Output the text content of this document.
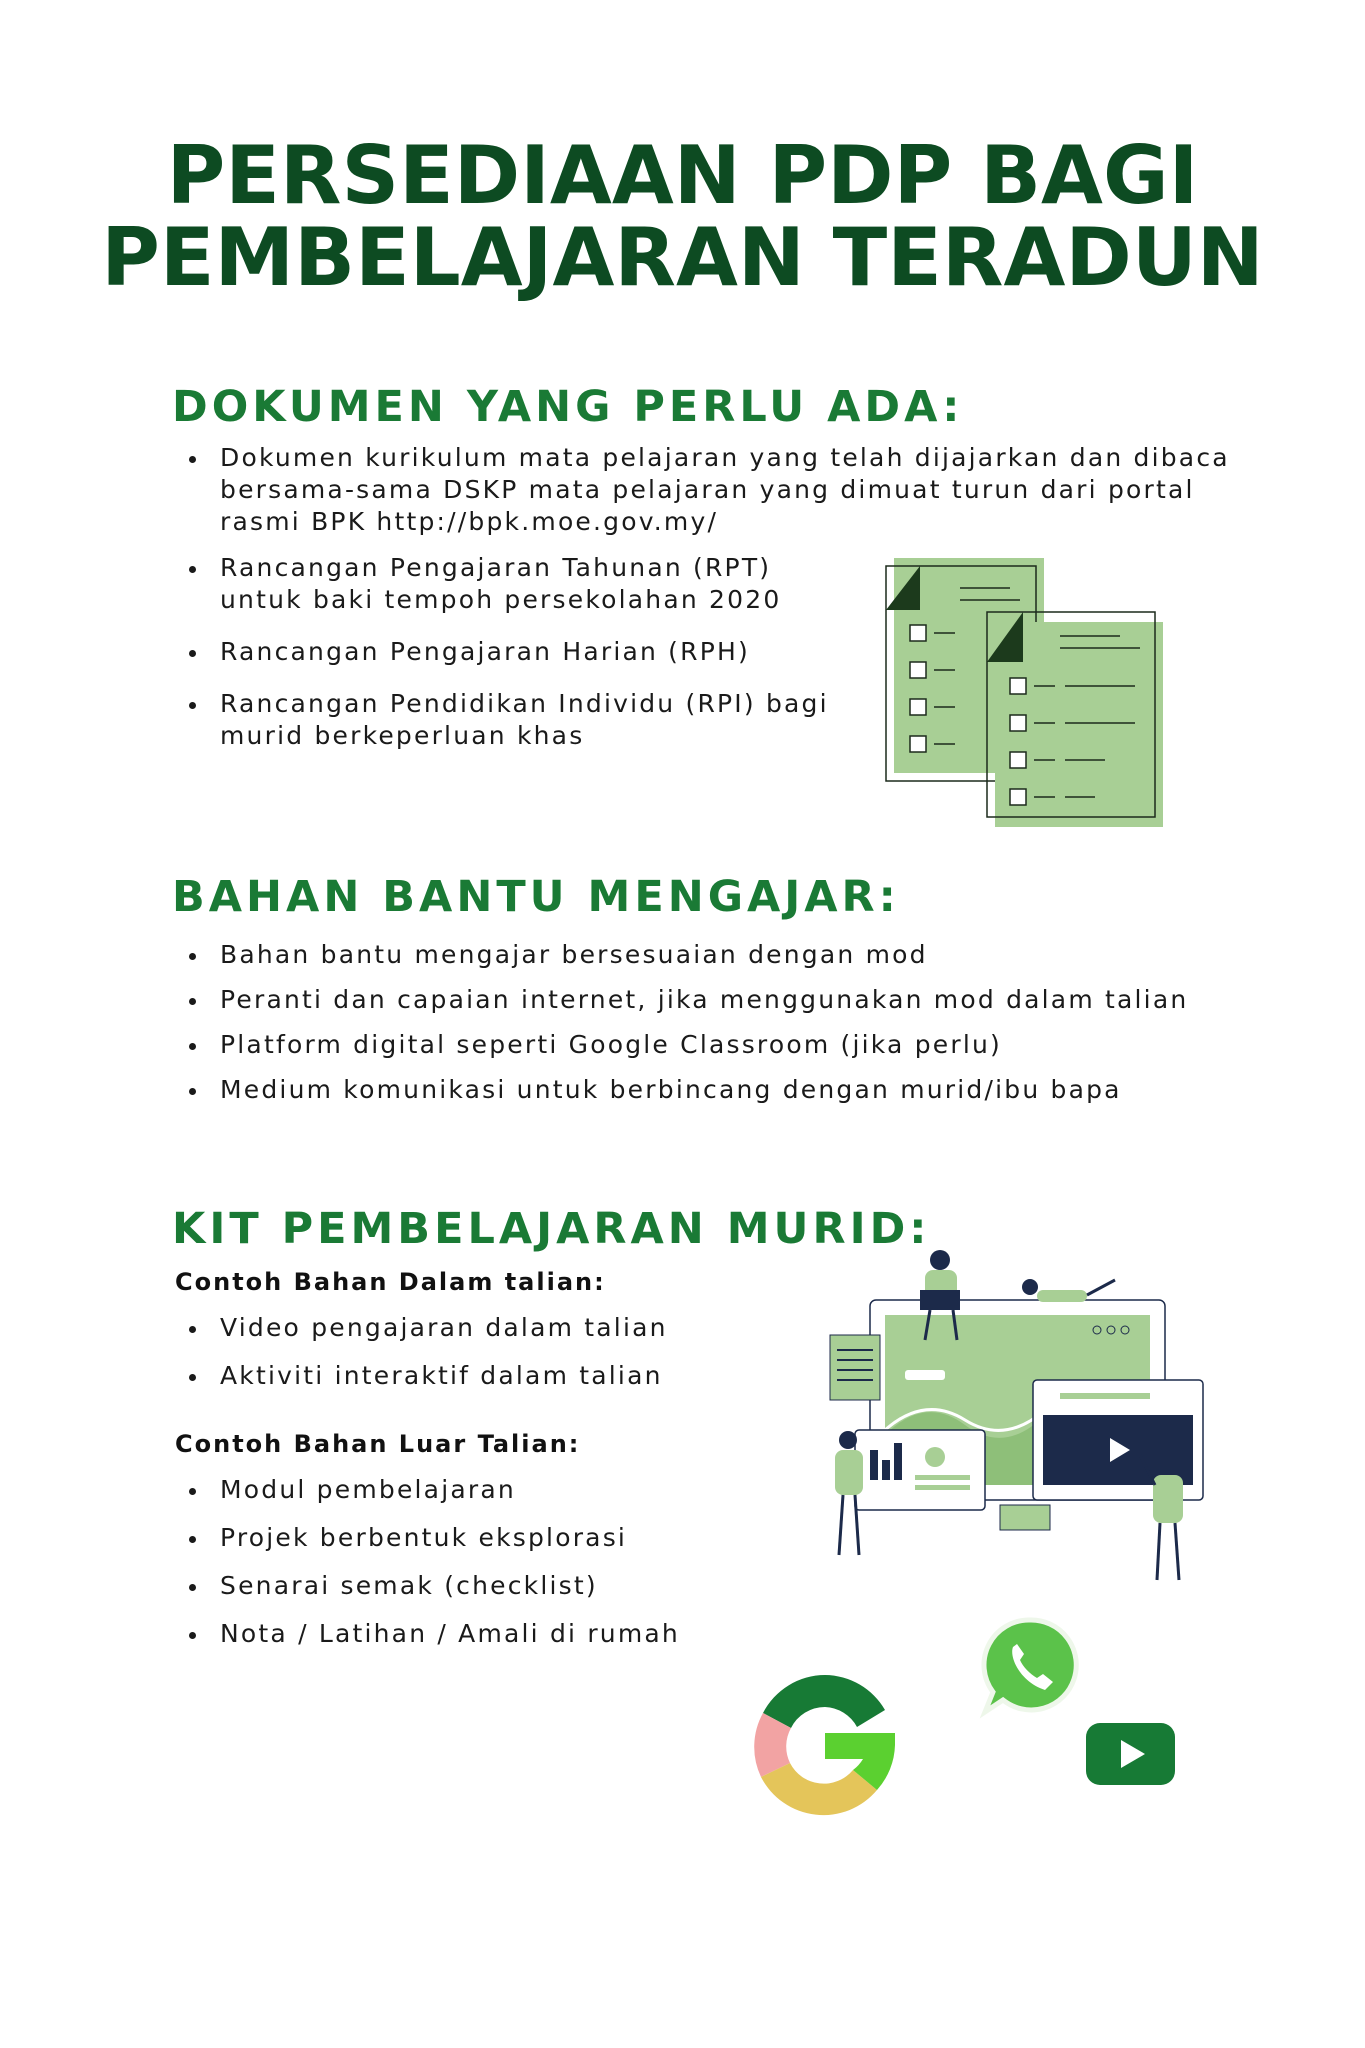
PERSEDIAAN PDP BAGI
PEMBELAJARAN TERADUN
DOKUMEN YANG PERLU ADA:
Dokumen kurikulum mata pelajaran yang telah dijajarkan dan dibaca
bersama-sama DSKP mata pelajaran yang dimuat turun dari portal
rasmi BPK http://bpk.moe.gov.my/
Rancangan Pengajaran Tahunan (RPT)
untuk baki tempoh persekolahan 2020
Rancangan Pengajaran Harian (RPH)
Rancangan Pendidikan Individu (RPI) bagi
murid berkeperluan khas
BAHAN BANTU MENGAJAR:
Bahan bantu mengajar bersesuaian dengan mod
Peranti dan capaian internet, jika menggunakan mod dalam talian
Platform digital seperti Google Classroom (jika perlu)
Medium komunikasi untuk berbincang dengan murid/ibu bapa
KIT PEMBELAJARAN MURID:
Contoh Bahan Dalam talian:
Video pengajaran dalam talian
Aktiviti interaktif dalam talian
Contoh Bahan Luar Talian:
Modul pembelajaran
Projek berbentuk eksplorasi
Senarai semak (checklist)
Nota / Latihan / Amali di rumah
